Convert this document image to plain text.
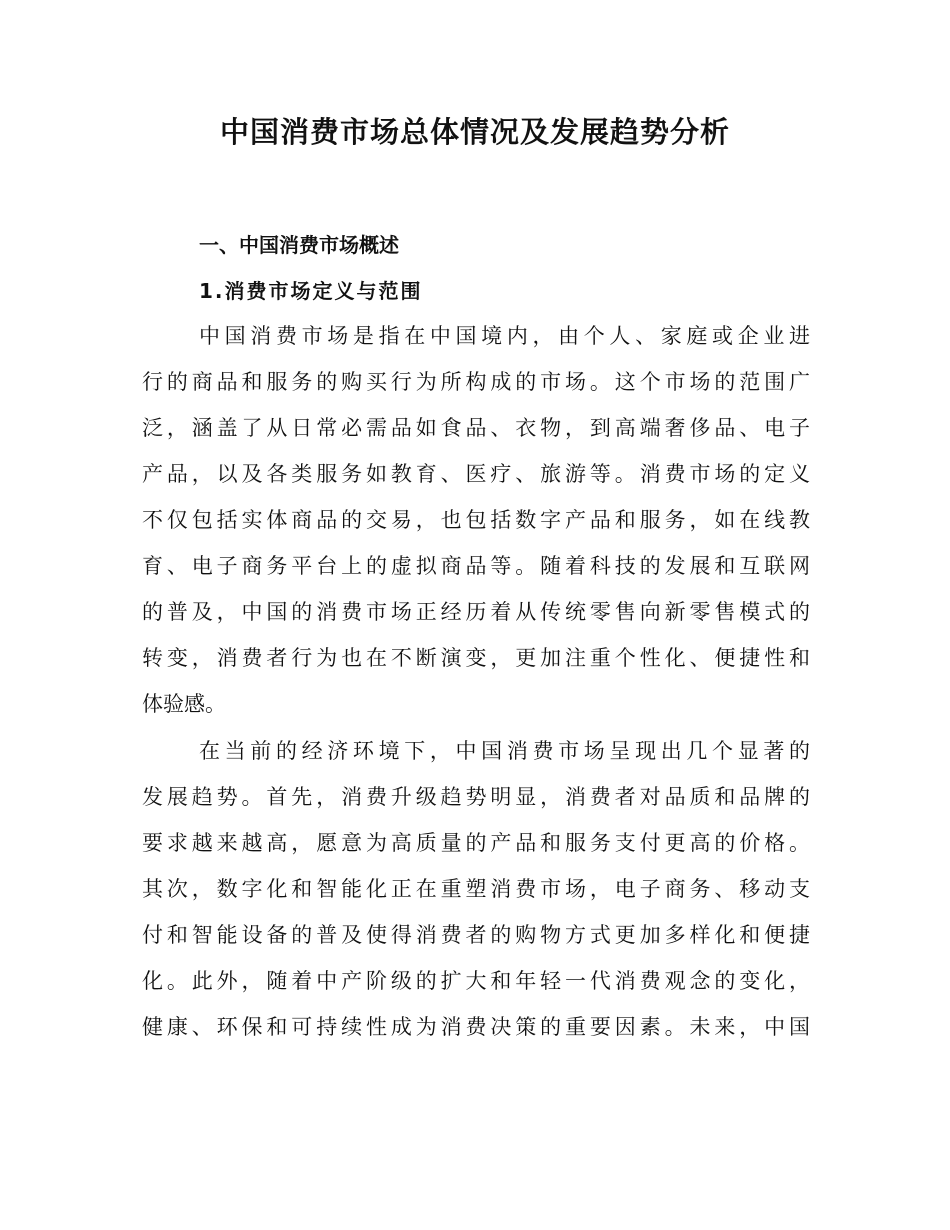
中国消费市场总体情况及发展趋势分析
一、中国消费市场概述
1.消费市场定义与范围

中国消费市场是指在中国境内，由个人、家庭或企业进
行的商品和服务的购买行为所构成的市场。这个市场的范围广
泛，涵盖了从日常必需品如食品、衣物，到高端奢侈品、电子
产品，以及各类服务如教育、医疗、旅游等。消费市场的定义
不仅包括实体商品的交易，也包括数字产品和服务，如在线教
育、电子商务平台上的虚拟商品等。随着科技的发展和互联网
的普及，中国的消费市场正经历着从传统零售向新零售模式的
转变，消费者行为也在不断演变，更加注重个性化、便捷性和
体验感。

在当前的经济环境下，中国消费市场呈现出几个显著的
发展趋势。首先，消费升级趋势明显，消费者对品质和品牌的
要求越来越高，愿意为高质量的产品和服务支付更高的价格。
其次，数字化和智能化正在重塑消费市场，电子商务、移动支
付和智能设备的普及使得消费者的购物方式更加多样化和便捷
化。此外，随着中产阶级的扩大和年轻一代消费观念的变化，
健康、环保和可持续性成为消费决策的重要因素。未来，中国
